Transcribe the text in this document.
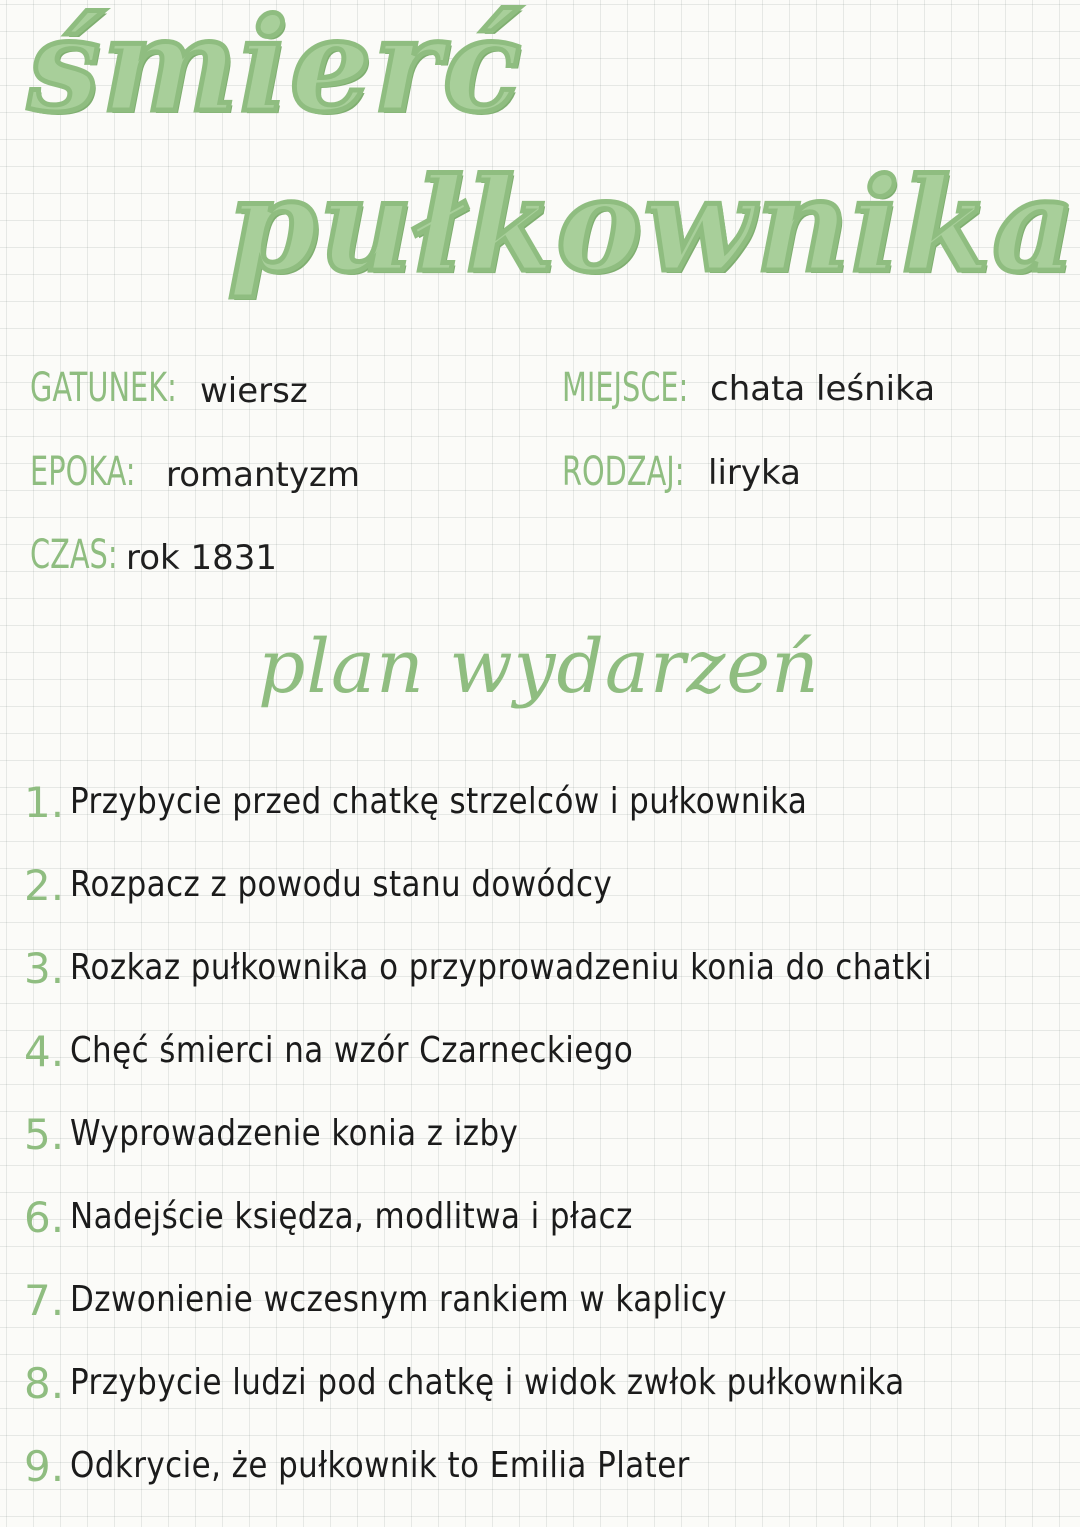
śmierć
pułkownika
GATUNEK: wiersz
EPOKA: romantyzm
CZAS: rok 1831
MIEJSCE: chata leśnika
RODZAJ: liryka
plan wydarzeń
1. Przybycie przed chatkę strzelców i pułkownika
2. Rozpacz z powodu stanu dowódcy
3. Rozkaz pułkownika o przyprowadzeniu konia do chatki
4. Chęć śmierci na wzór Czarneckiego
5. Wyprowadzenie konia z izby
6. Nadejście księdza, modlitwa i płacz
7. Dzwonienie wczesnym rankiem w kaplicy
8. Przybycie ludzi pod chatkę i widok zwłok pułkownika
9. Odkrycie, że pułkownik to Emilia Plater
